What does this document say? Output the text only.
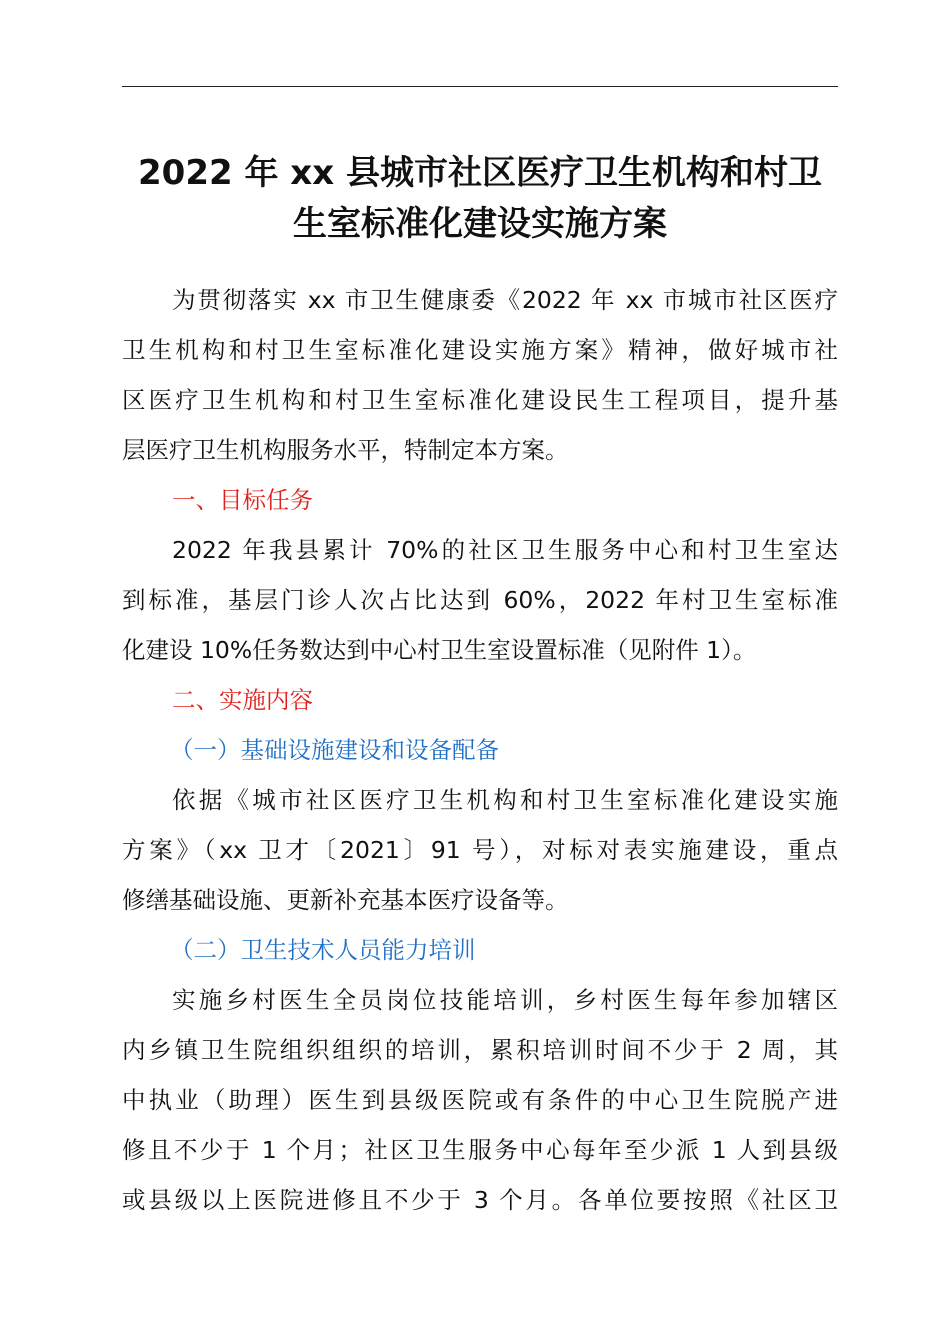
2022 年 xx 县城市社区医疗卫生机构和村卫
生室标准化建设实施方案
为贯彻落实 xx 市卫生健康委《2022 年 xx 市城市社区医疗
卫生机构和村卫生室标准化建设实施方案》精神，做好城市社
区医疗卫生机构和村卫生室标准化建设民生工程项目，提升基
层医疗卫生机构服务水平，特制定本方案。
一、目标任务
2022 年我县累计 70%的社区卫生服务中心和村卫生室达
到标准，基层门诊人次占比达到 60%，2022 年村卫生室标准
化建设 10%任务数达到中心村卫生室设置标准（见附件 1）。
二、实施内容
（一）基础设施建设和设备配备
依据《城市社区医疗卫生机构和村卫生室标准化建设实施
方案》（xx 卫才〔2021〕91 号），对标对表实施建设，重点
修缮基础设施、更新补充基本医疗设备等。
（二）卫生技术人员能力培训
实施乡村医生全员岗位技能培训，乡村医生每年参加辖区
内乡镇卫生院组织组织的培训，累积培训时间不少于 2 周，其
中执业（助理）医生到县级医院或有条件的中心卫生院脱产进
修且不少于 1 个月；社区卫生服务中心每年至少派 1 人到县级
或县级以上医院进修且不少于 3 个月。各单位要按照《社区卫
